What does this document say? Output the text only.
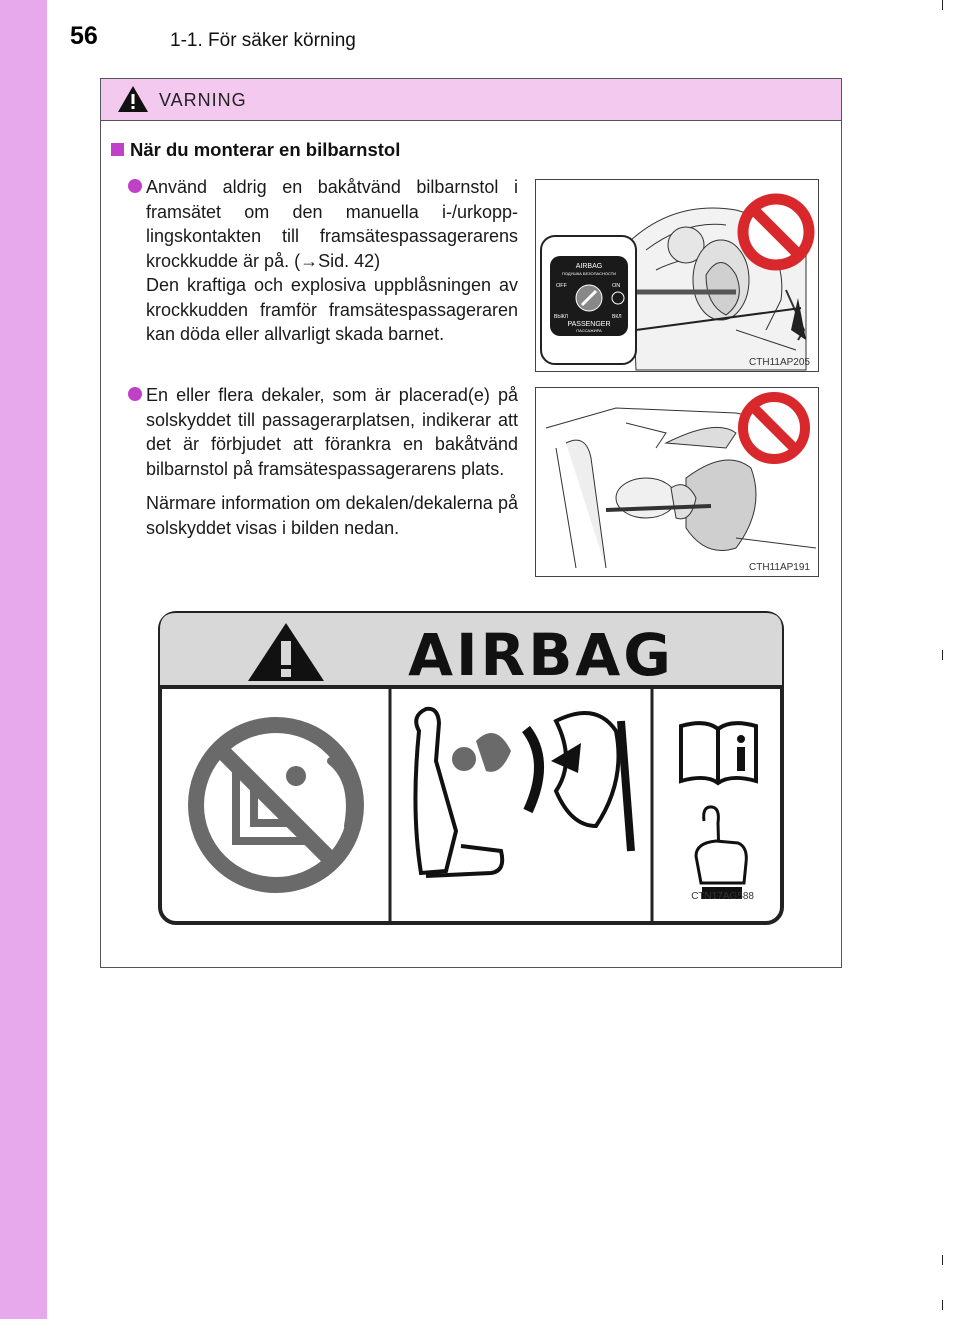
56	1-1. För säker körning
VARNING
När du monterar en bilbarnstol

Använd aldrig en bakåtvänd bilbarnstol i framsätet om den manuella i-/urkopplingskontakten till framsätespassagerarens krockkudde är på. (→Sid. 42)

Den kraftiga och explosiva uppblåsningen av krockkudden framför framsätespassageraren kan döda eller allvarligt skada barnet.

En eller flera dekaler, som är placerad(e) på solskyddet till passagerarplatsen, indikerar att det är förbjudet att förankra en bakåtvänd bilbarnstol på framsätespassagerarens plats.

Närmare information om dekalen/dekalerna på solskyddet visas i bilden nedan.

AIRBAG
ПОДУШКА БЕЗОПАСНОСТИ
OFF	ON
ВЫКЛ	ВКЛ
PASSENGER
ПАССАЖИРА
CTH11AP205
CTH11AP191
AIRBAG
CTN17AG588
